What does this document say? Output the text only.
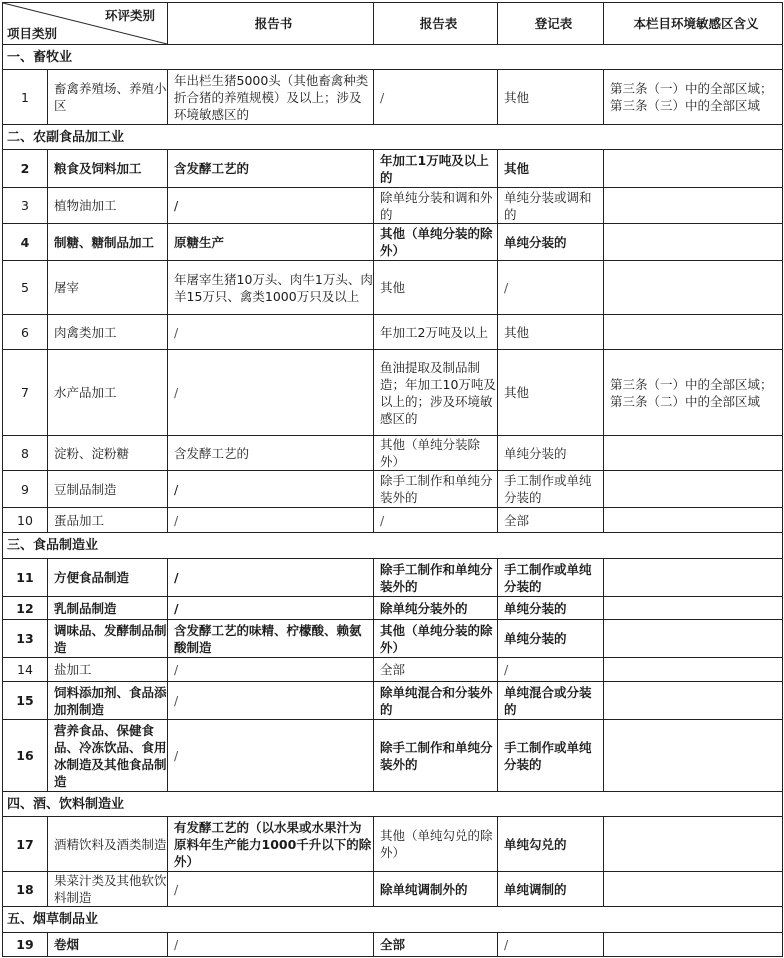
环评类别
项目类别		报告书	报告表	登记表	本栏目环境敏感区含义
一、畜牧业					
1	畜禽养殖场、养殖小区	年出栏生猪5000头（其他畜禽种类折合猪的养殖规模）及以上；涉及环境敏感区的	/	其他	第三条（一）中的全部区域；第三条（三）中的全部区域
二、农副食品加工业					
2	粮食及饲料加工	含发酵工艺的	年加工1万吨及以上的	其他	
3	植物油加工	/	除单纯分装和调和外的	单纯分装或调和的	
4	制糖、糖制品加工	原糖生产	其他（单纯分装的除外）	单纯分装的	
5	屠宰	年屠宰生猪10万头、肉牛1万头、肉羊15万只、禽类1000万只及以上	其他	/	
6	肉禽类加工	/	年加工2万吨及以上	其他	
7	水产品加工	/	鱼油提取及制品制造；年加工10万吨及以上的；涉及环境敏感区的	其他	第三条（一）中的全部区域；第三条（二）中的全部区域
8	淀粉、淀粉糖	含发酵工艺的	其他（单纯分装除外）	单纯分装的	
9	豆制品制造	/	除手工制作和单纯分装外的	手工制作或单纯分装的	
10	蛋品加工	/	/	全部	
三、食品制造业					
11	方便食品制造	/	除手工制作和单纯分装外的	手工制作或单纯分装的	
12	乳制品制造	/	除单纯分装外的	单纯分装的	
13	调味品、发酵制品制造	含发酵工艺的味精、柠檬酸、赖氨酸制造	其他（单纯分装的除外）	单纯分装的	
14	盐加工	/	全部	/	
15	饲料添加剂、食品添加剂制造	/	除单纯混合和分装外的	单纯混合或分装的	
16	营养食品、保健食品、冷冻饮品、食用冰制造及其他食品制造	/	除手工制作和单纯分装外的	手工制作或单纯分装的	
四、酒、饮料制造业					
17	酒精饮料及酒类制造	有发酵工艺的（以水果或水果汁为原料年生产能力1000千升以下的除外）	其他（单纯勾兑的除外）	单纯勾兑的	
18	果菜汁类及其他软饮料制造	/	除单纯调制外的	单纯调制的	
五、烟草制品业					
19	卷烟	/	全部	/	
